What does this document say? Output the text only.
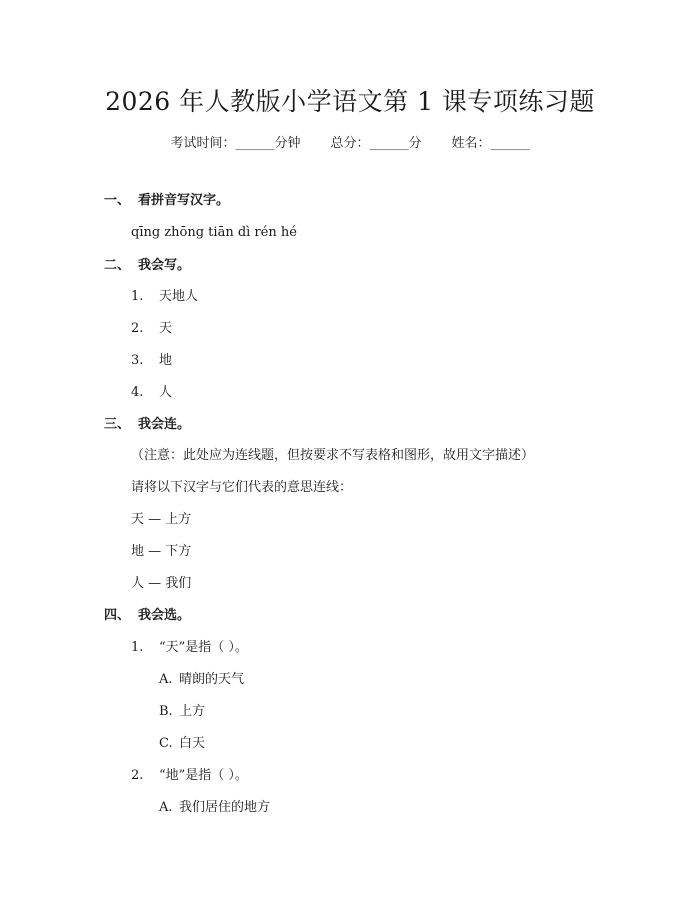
2026 年人教版小学语文第 1 课专项练习题
考试时间：______分钟 总分：______分 姓名：______
一、 看拼音写汉字。
qīng zhōng tiān dì rén hé
二、 我会写。
1. 天地人
2. 天
3. 地
4. 人
三、 我会连。
（注意：此处应为连线题，但按要求不写表格和图形，故用文字描述）
请将以下汉字与它们代表的意思连线：
天 — 上方
地 — 下方
人 — 我们
四、 我会选。
1. “天”是指（ ）。
A. 晴朗的天气
B. 上方
C. 白天
2. “地”是指（ ）。
A. 我们居住的地方
